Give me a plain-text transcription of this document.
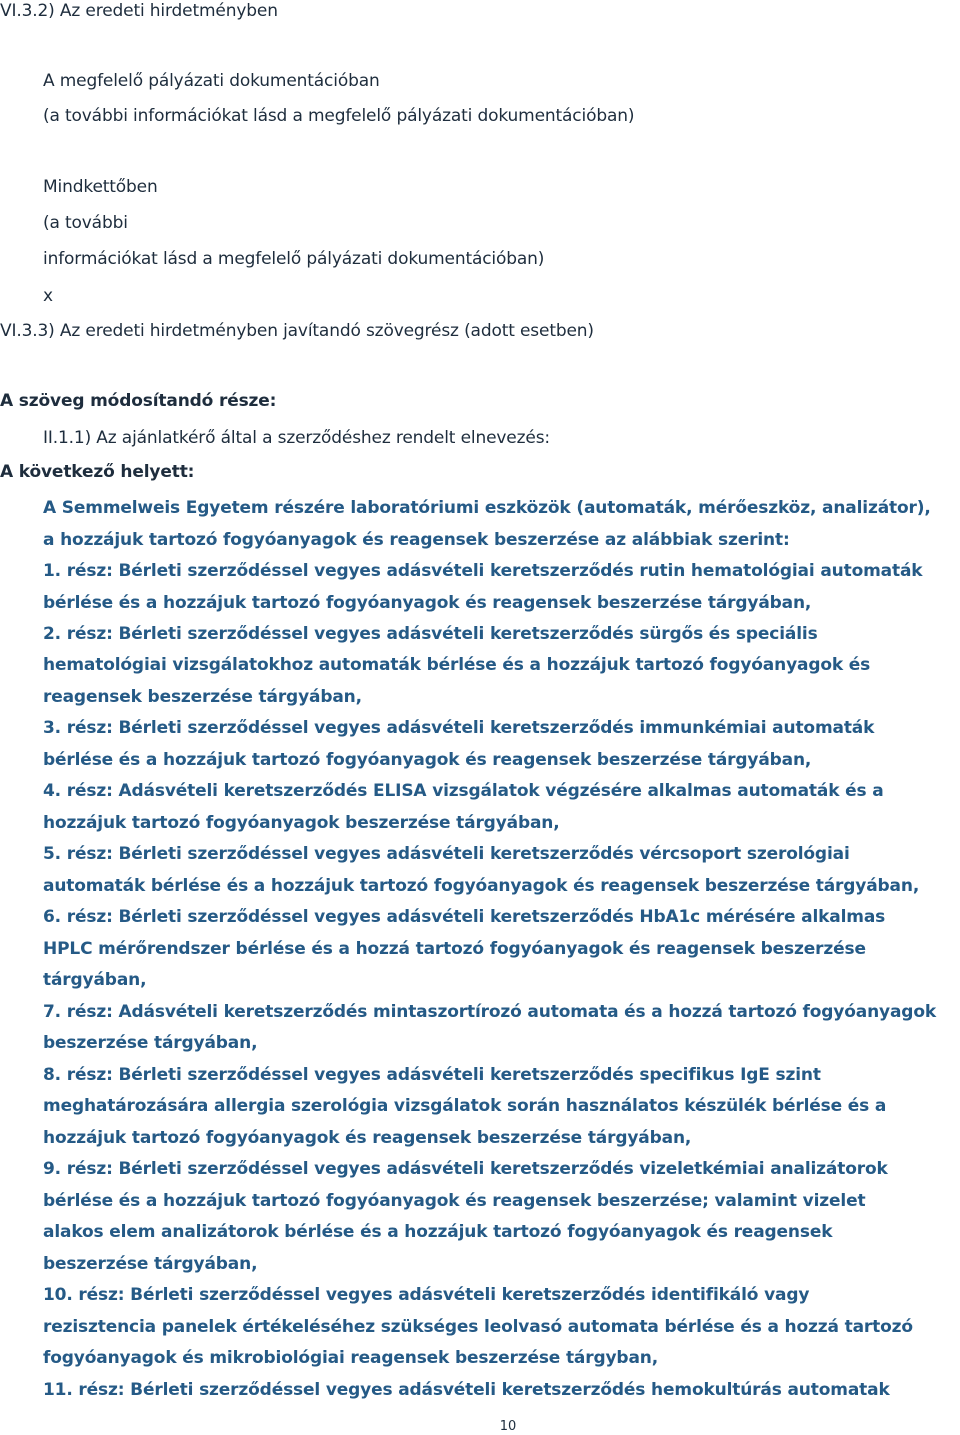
VI.3.2) Az eredeti hirdetményben
A megfelelő pályázati dokumentációban
(a további információkat lásd a megfelelő pályázati dokumentációban)
Mindkettőben
(a további
információkat lásd a megfelelő pályázati dokumentációban)
x
VI.3.3) Az eredeti hirdetményben javítandó szövegrész (adott esetben)
A szöveg módosítandó része:
II.1.1) Az ajánlatkérő által a szerződéshez rendelt elnevezés:
A következő helyett:
A Semmelweis Egyetem részére laboratóriumi eszközök (automaták, mérőeszköz, analizátor),
a hozzájuk tartozó fogyóanyagok és reagensek beszerzése az alábbiak szerint:
1. rész: Bérleti szerződéssel vegyes adásvételi keretszerződés rutin hematológiai automaták
bérlése és a hozzájuk tartozó fogyóanyagok és reagensek beszerzése tárgyában,
2. rész: Bérleti szerződéssel vegyes adásvételi keretszerződés sürgős és speciális
hematológiai vizsgálatokhoz automaták bérlése és a hozzájuk tartozó fogyóanyagok és
reagensek beszerzése tárgyában,
3. rész: Bérleti szerződéssel vegyes adásvételi keretszerződés immunkémiai automaták
bérlése és a hozzájuk tartozó fogyóanyagok és reagensek beszerzése tárgyában,
4. rész: Adásvételi keretszerződés ELISA vizsgálatok végzésére alkalmas automaták és a
hozzájuk tartozó fogyóanyagok beszerzése tárgyában,
5. rész: Bérleti szerződéssel vegyes adásvételi keretszerződés vércsoport szerológiai
automaták bérlése és a hozzájuk tartozó fogyóanyagok és reagensek beszerzése tárgyában,
6. rész: Bérleti szerződéssel vegyes adásvételi keretszerződés HbA1c mérésére alkalmas
HPLC mérőrendszer bérlése és a hozzá tartozó fogyóanyagok és reagensek beszerzése
tárgyában,
7. rész: Adásvételi keretszerződés mintaszortírozó automata és a hozzá tartozó fogyóanyagok
beszerzése tárgyában,
8. rész: Bérleti szerződéssel vegyes adásvételi keretszerződés specifikus IgE szint
meghatározására allergia szerológia vizsgálatok során használatos készülék bérlése és a
hozzájuk tartozó fogyóanyagok és reagensek beszerzése tárgyában,
9. rész: Bérleti szerződéssel vegyes adásvételi keretszerződés vizeletkémiai analizátorok
bérlése és a hozzájuk tartozó fogyóanyagok és reagensek beszerzése; valamint vizelet
alakos elem analizátorok bérlése és a hozzájuk tartozó fogyóanyagok és reagensek
beszerzése tárgyában,
10. rész: Bérleti szerződéssel vegyes adásvételi keretszerződés identifikáló vagy
rezisztencia panelek értékeléséhez szükséges leolvasó automata bérlése és a hozzá tartozó
fogyóanyagok és mikrobiológiai reagensek beszerzése tárgyban,
11. rész: Bérleti szerződéssel vegyes adásvételi keretszerződés hemokultúrás automatak
10
